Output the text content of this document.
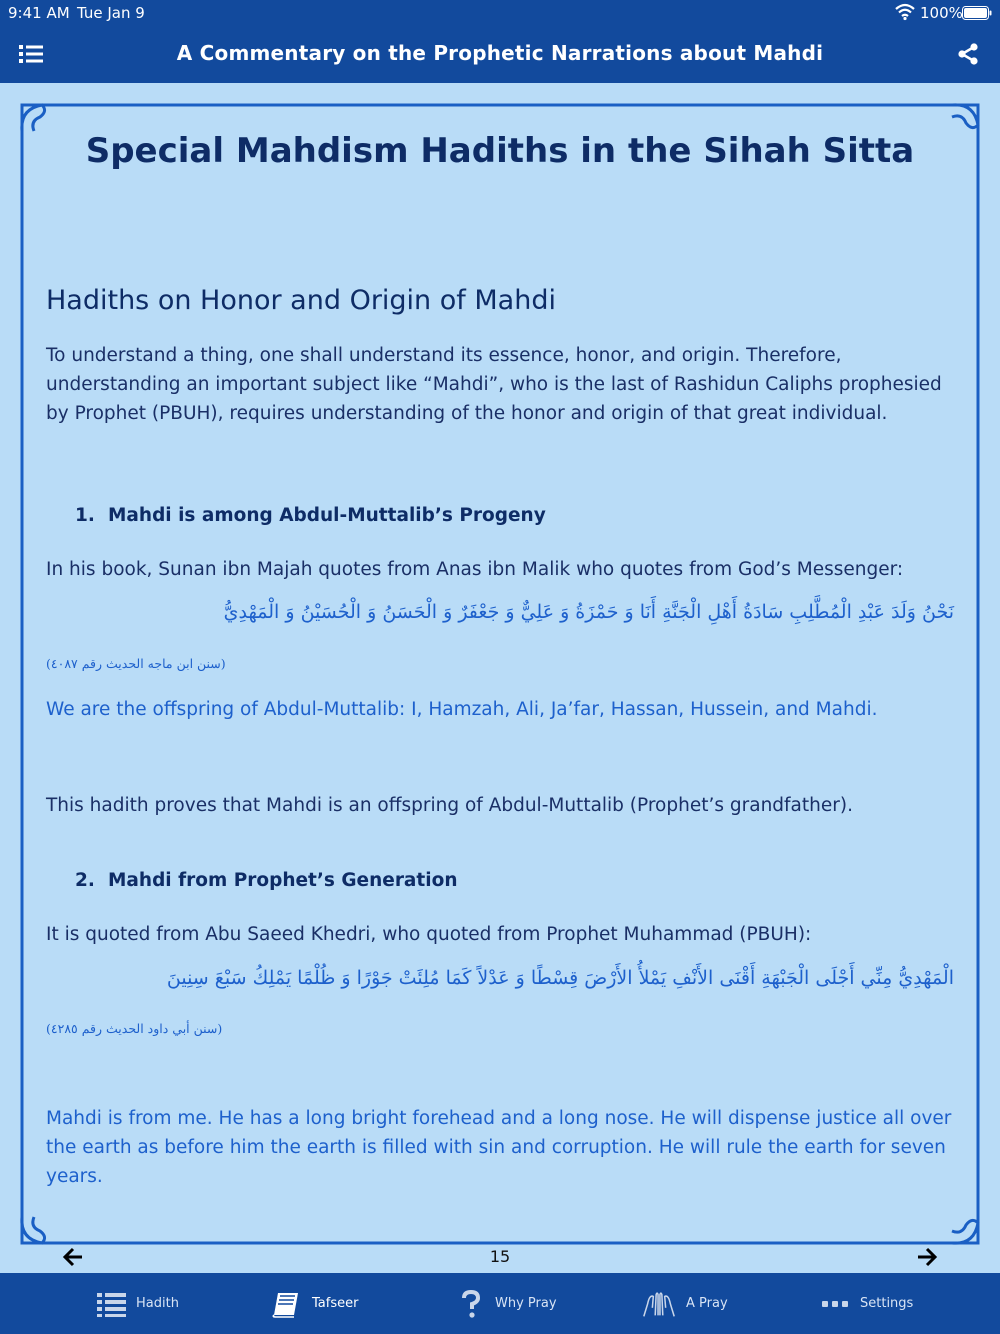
9:41 AM Tue Jan 9	100%
A Commentary on the Prophetic Narrations about Mahdi
Special Mahdism Hadiths in the Sihah Sitta
Hadiths on Honor and Origin of Mahdi
To understand a thing, one shall understand its essence, honor, and origin. Therefore, understanding an important subject like “Mahdi”, who is the last of Rashidun Caliphs prophesied by Prophet (PBUH), requires understanding of the honor and origin of that great individual.
1. Mahdi is among Abdul-Muttalib’s Progeny
In his book, Sunan ibn Majah quotes from Anas ibn Malik who quotes from God’s Messenger:
نَحْنُ وَلَدَ عَبْدِ الْمُطَّلِبِ سَادَةُ أَهْلِ الْجَنَّةِ أَنَا وَ حَمْزَةُ وَ عَلِيٌّ وَ جَعْفَرٌ وَ الْحَسَنُ وَ الْحُسَيْنُ وَ الْمَهْدِيُّ
(سنن ابن ماجه الحديث رقم ٤٠٨٧)
We are the offspring of Abdul-Muttalib: I, Hamzah, Ali, Ja’far, Hassan, Hussein, and Mahdi.
This hadith proves that Mahdi is an offspring of Abdul-Muttalib (Prophet’s grandfather).
2. Mahdi from Prophet’s Generation
It is quoted from Abu Saeed Khedri, who quoted from Prophet Muhammad (PBUH):
الْمَهْدِيُّ مِنِّي أَجْلَى الْجَبْهَةِ أَقْنَى الأَنْفِ يَمْلأُ الأَرْضَ قِسْطًا وَ عَدْلاً كَمَا مُلِئَتْ جَوْرًا وَ ظُلْمًا يَمْلِكُ سَبْعَ سِنِينَ
(سنن أبي داود الحديث رقم ٤٢٨٥)
Mahdi is from me. He has a long bright forehead and a long nose. He will dispense justice all over the earth as before him the earth is filled with sin and corruption. He will rule the earth for seven years.
15
Hadith	Tafseer	Why Pray	A Pray	Settings
